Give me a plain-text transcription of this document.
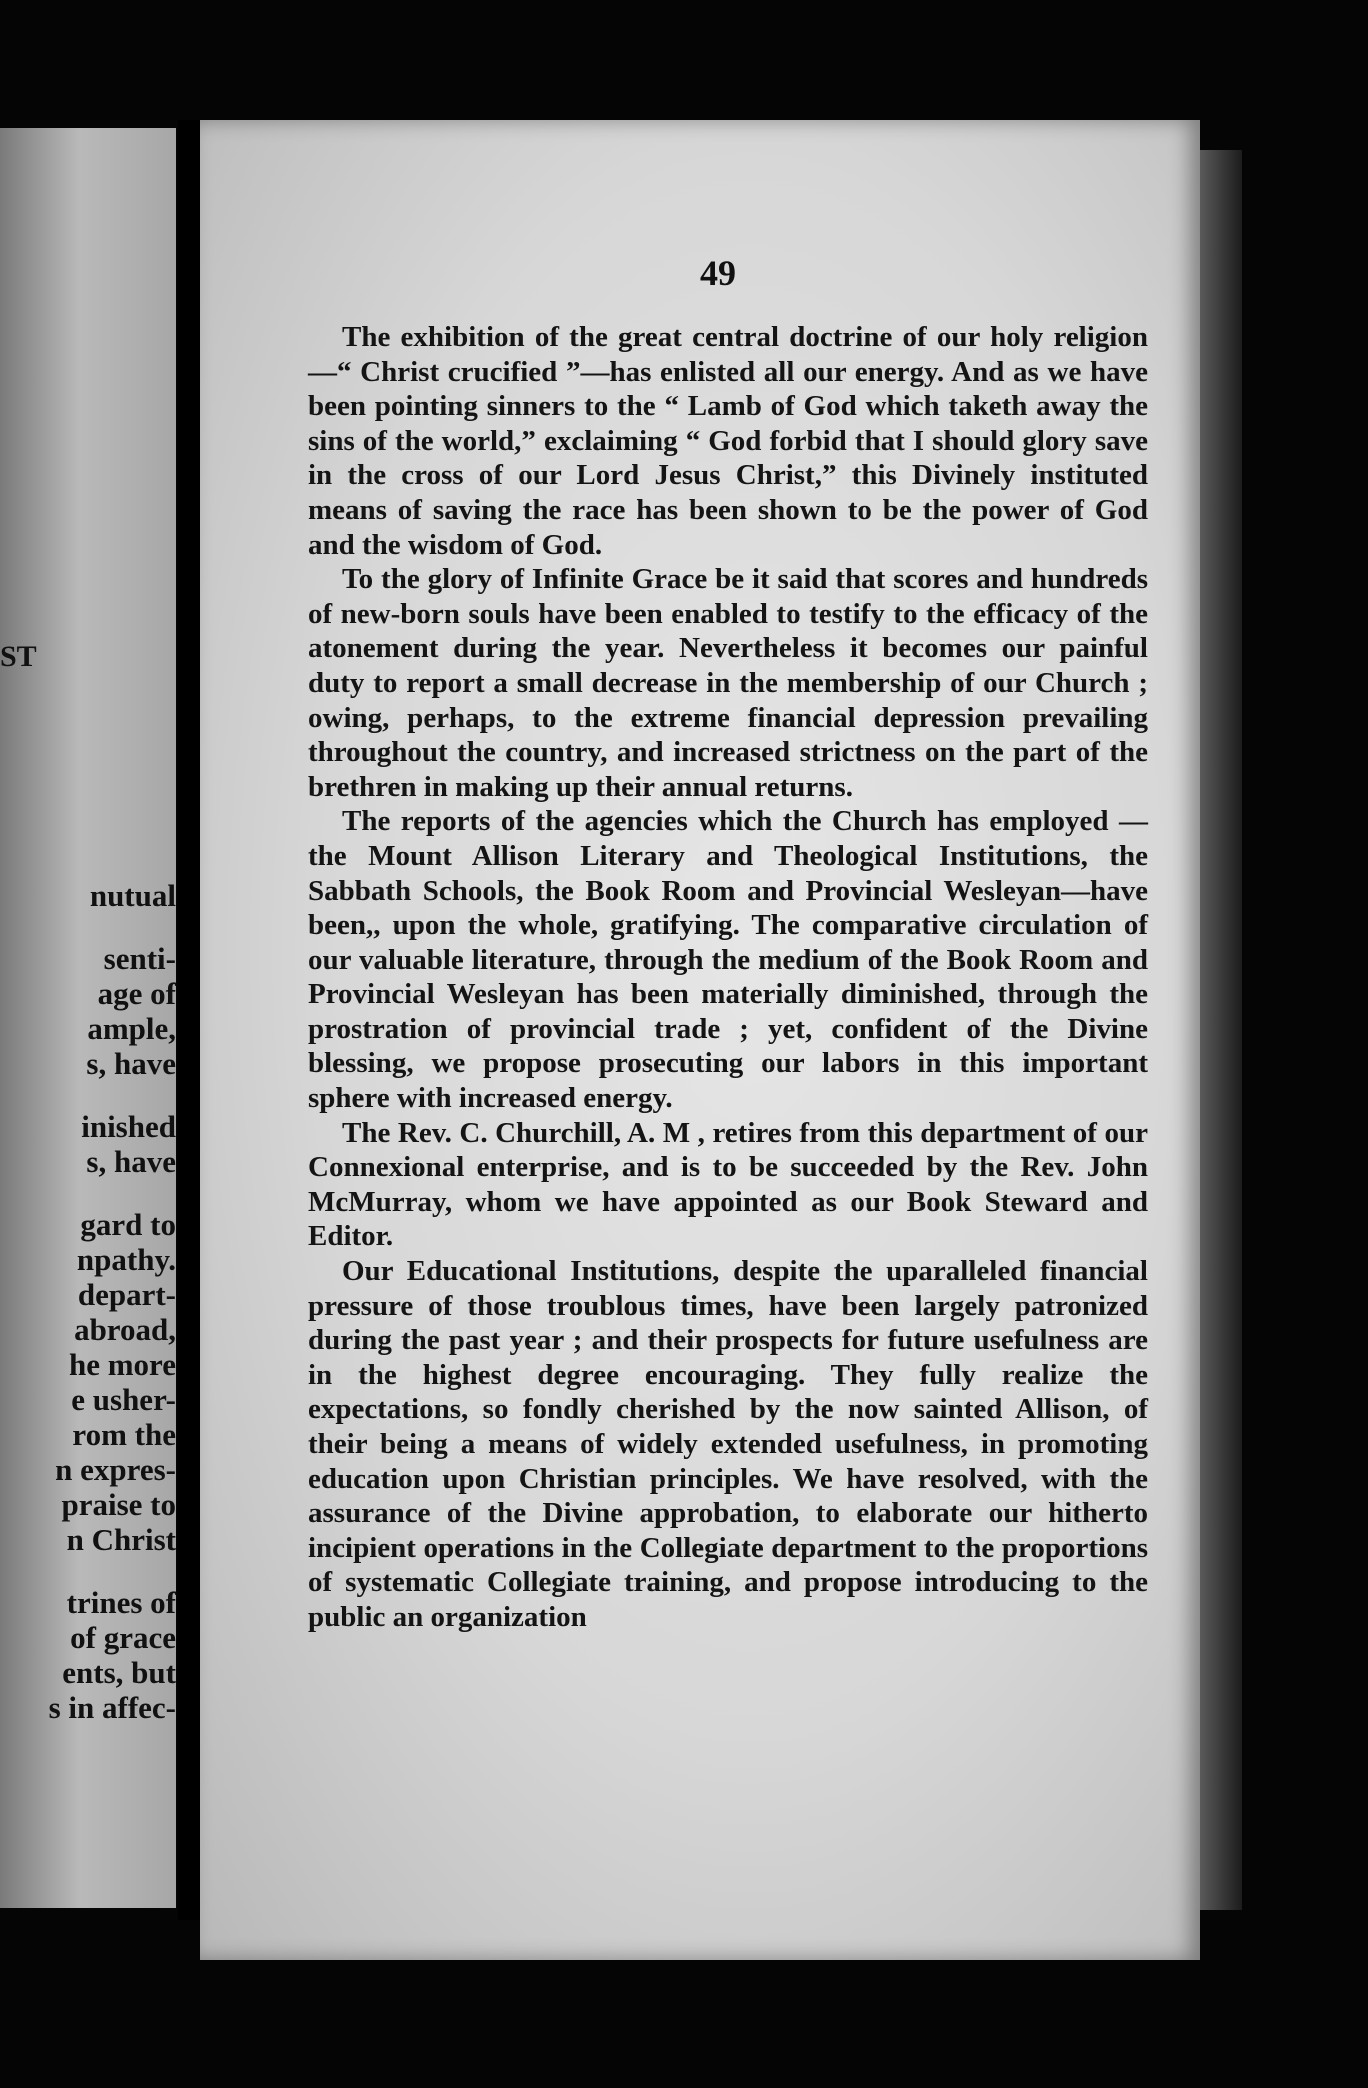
ST
nutual
senti-
age of
ample,
s, have
inished
s, have
gard to
npathy.
depart-
abroad,
he more
e usher-
rom the
n expres-
praise to
n Christ
trines of
of grace
ents, but
s in affec-
49

The exhibition of the great central doctrine of our holy religion—“ Christ crucified ”—has enlisted all our energy. And as we have been pointing sinners to the “ Lamb of God which taketh away the sins of the world,” exclaiming “ God forbid that I should glory save in the cross of our Lord Jesus Christ,” this Divinely instituted means of saving the race has been shown to be the power of God and the wisdom of God.

To the glory of Infinite Grace be it said that scores and hundreds of new-born souls have been enabled to testify to the efficacy of the atonement during the year. Nevertheless it becomes our painful duty to report a small decrease in the membership of our Church ; owing, perhaps, to the extreme financial depression prevailing throughout the country, and increased strictness on the part of the brethren in making up their annual returns.

The reports of the agencies which the Church has employed —the Mount Allison Literary and Theological Institutions, the Sabbath Schools, the Book Room and Provincial Wesleyan—have been,, upon the whole, gratifying. The comparative circulation of our valuable literature, through the medium of the Book Room and Provincial Wesleyan has been materially diminished, through the prostration of provincial trade ; yet, confident of the Divine blessing, we propose prosecuting our labors in this important sphere with increased energy.

The Rev. C. Churchill, A. M , retires from this department of our Connexional enterprise, and is to be succeeded by the Rev. John McMurray, whom we have appointed as our Book Steward and Editor.

Our Educational Institutions, despite the uparalleled financial pressure of those troublous times, have been largely patronized during the past year ; and their prospects for future usefulness are in the highest degree encouraging. They fully realize the expectations, so fondly cherished by the now sainted Allison, of their being a means of widely extended usefulness, in promoting education upon Christian principles. We have resolved, with the assurance of the Divine approbation, to elaborate our hitherto incipient operations in the Collegiate department to the proportions of systematic Collegiate training, and propose introducing to the public an organization
